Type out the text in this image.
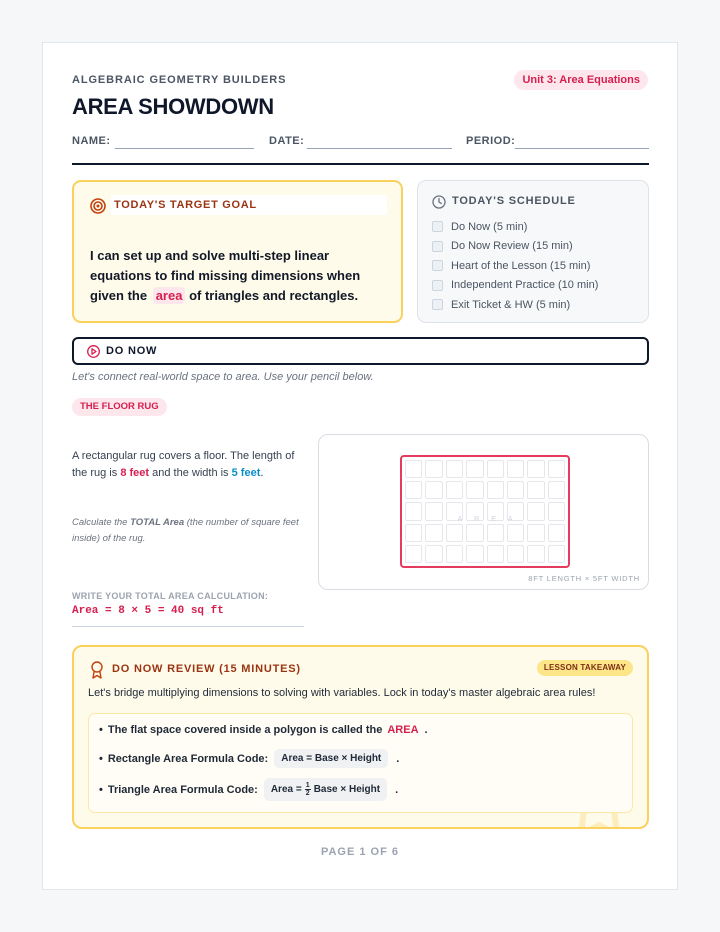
ALGEBRAIC GEOMETRY BUILDERS	Unit 3: Area Equations
AREA SHOWDOWN
NAME:	DATE:	PERIOD:
TODAY'S TARGET GOAL
I can set up and solve multi-step linear equations to find missing dimensions when given the area of triangles and rectangles.
TODAY'S SCHEDULE
Do Now (5 min)
Do Now Review (15 min)
Heart of the Lesson (15 min)
Independent Practice (10 min)
Exit Ticket & HW (5 min)
DO NOW
Let's connect real-world space to area. Use your pencil below.
THE FLOOR RUG
A rectangular rug covers a floor. The length of the rug is 8 feet and the width is 5 feet.
Calculate the TOTAL Area (the number of square feet inside) of the rug.
WRITE YOUR TOTAL AREA CALCULATION:
Area = 8 × 5 = 40 sq ft
AREA
8FT LENGTH × 5FT WIDTH
DO NOW REVIEW (15 MINUTES)	LESSON TAKEAWAY
Let's bridge multiplying dimensions to solving with variables. Lock in today's master algebraic area rules!
• The flat space covered inside a polygon is called the AREA .
• Rectangle Area Formula Code:	Area = Base × Height	.
• Triangle Area Formula Code:	Area = $\frac{1}{2}$ Base × Height	.
PAGE 1 OF 6
